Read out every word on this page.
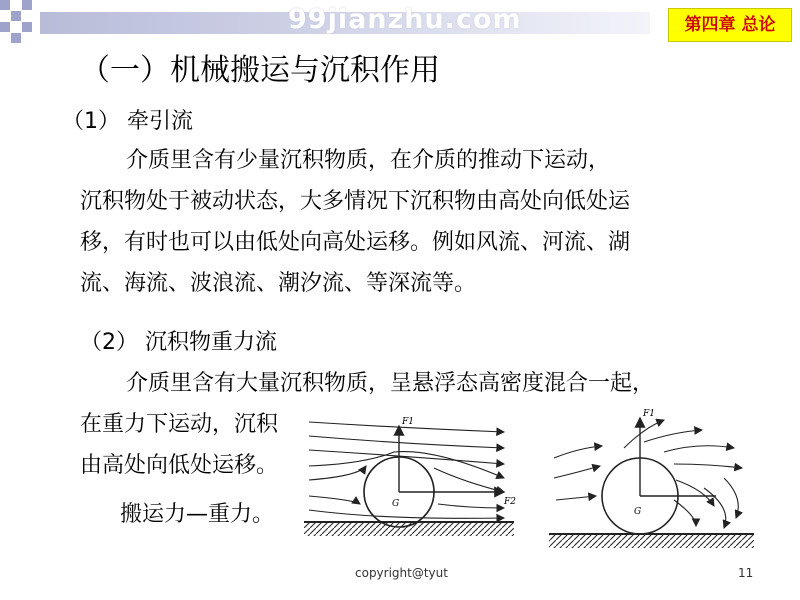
99jianzhu.com	第四章 总论
（一）机械搬运与沉积作用
（1） 牵引流
介质里含有少量沉积物质，在介质的推动下运动，
沉积物处于被动状态，大多情况下沉积物由高处向低处运
移，有时也可以由低处向高处运移。例如风流、河流、湖
流、海流、波浪流、潮汐流、等深流等。
（2） 沉积物重力流
介质里含有大量沉积物质，呈悬浮态高密度混合一起，
在重力下运动，沉积
由高处向低处运移。
搬运力—重力。
F1
F2
G
F1
G
copyright@tyut	11
